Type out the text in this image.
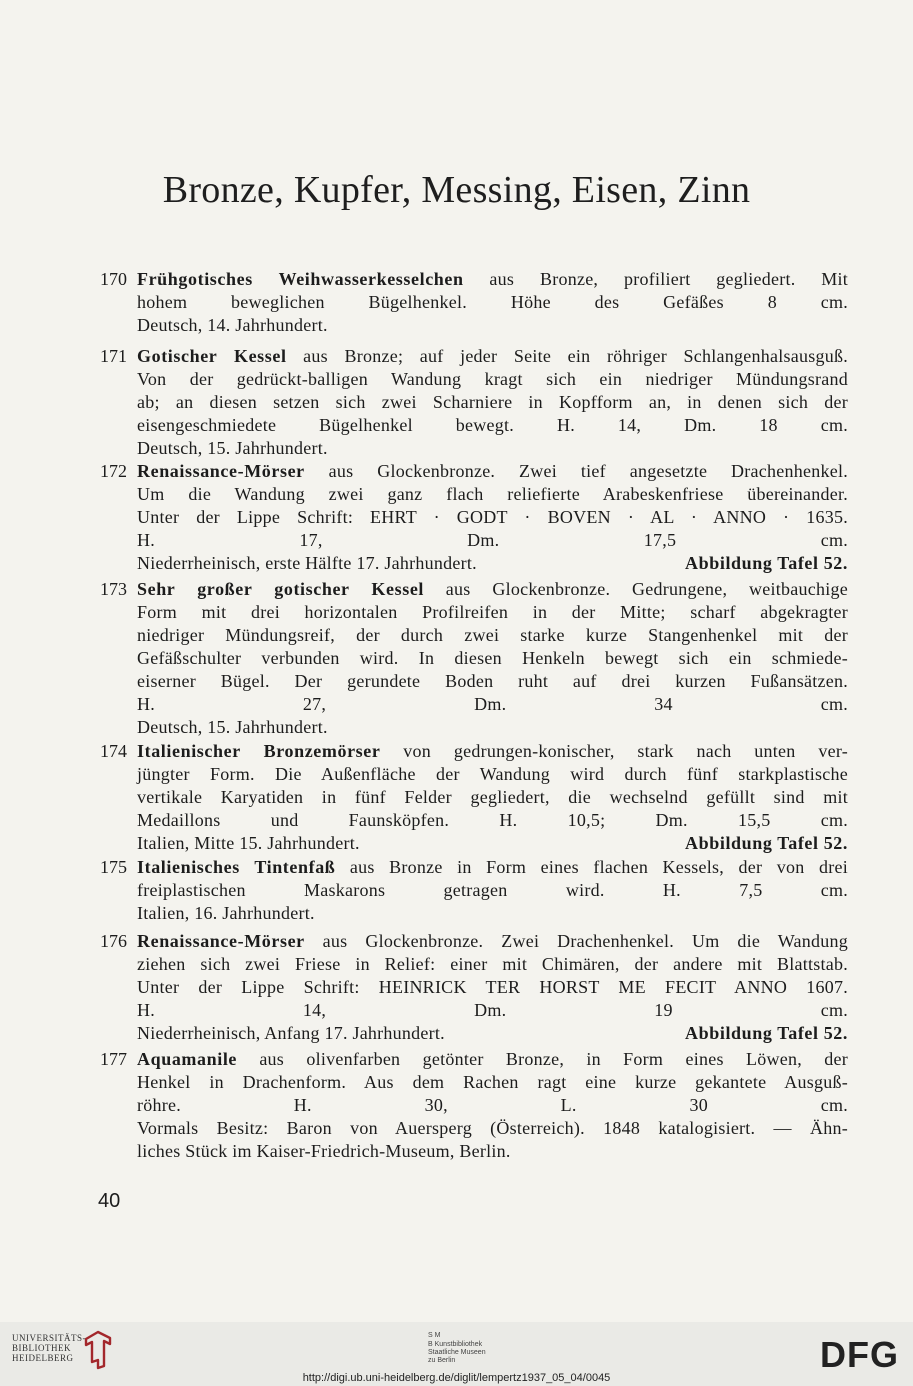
Bronze, Kupfer, Messing, Eisen, Zinn
170 Frühgotisches Weihwasserkesselchen aus Bronze, profiliert gegliedert. Mit
hohem beweglichen Bügelhenkel. Höhe des Gefäßes 8 cm.
Deutsch, 14. Jahrhundert.
171 Gotischer Kessel aus Bronze; auf jeder Seite ein röhriger Schlangenhalsausguß.
Von der gedrückt-balligen Wandung kragt sich ein niedriger Mündungsrand
ab; an diesen setzen sich zwei Scharniere in Kopfform an, in denen sich der
eisengeschmiedete Bügelhenkel bewegt. H. 14, Dm. 18 cm.
Deutsch, 15. Jahrhundert.
172 Renaissance-Mörser aus Glockenbronze. Zwei tief angesetzte Drachenhenkel.
Um die Wandung zwei ganz flach reliefierte Arabeskenfriese übereinander.
Unter der Lippe Schrift: EHRT · GODT · BOVEN · AL · ANNO · 1635.
H. 17, Dm. 17,5 cm.
Niederrheinisch, erste Hälfte 17. Jahrhundert.	Abbildung Tafel 52.
173 Sehr großer gotischer Kessel aus Glockenbronze. Gedrungene, weitbauchige
Form mit drei horizontalen Profilreifen in der Mitte; scharf abgekragter
niedriger Mündungsreif, der durch zwei starke kurze Stangenhenkel mit der
Gefäßschulter verbunden wird. In diesen Henkeln bewegt sich ein schmiede-
eiserner Bügel. Der gerundete Boden ruht auf drei kurzen Fußansätzen.
H. 27, Dm. 34 cm.
Deutsch, 15. Jahrhundert.
174 Italienischer Bronzemörser von gedrungen-konischer, stark nach unten ver-
jüngter Form. Die Außenfläche der Wandung wird durch fünf starkplastische
vertikale Karyatiden in fünf Felder gegliedert, die wechselnd gefüllt sind mit
Medaillons und Faunsköpfen. H. 10,5; Dm. 15,5 cm.
Italien, Mitte 15. Jahrhundert.	Abbildung Tafel 52.
175 Italienisches Tintenfaß aus Bronze in Form eines flachen Kessels, der von drei
freiplastischen Maskarons getragen wird. H. 7,5 cm.
Italien, 16. Jahrhundert.
176 Renaissance-Mörser aus Glockenbronze. Zwei Drachenhenkel. Um die Wandung
ziehen sich zwei Friese in Relief: einer mit Chimären, der andere mit Blattstab.
Unter der Lippe Schrift: HEINRICK TER HORST ME FECIT ANNO 1607.
H. 14, Dm. 19 cm.
Niederrheinisch, Anfang 17. Jahrhundert.	Abbildung Tafel 52.
177 Aquamanile aus olivenfarben getönter Bronze, in Form eines Löwen, der
Henkel in Drachenform. Aus dem Rachen ragt eine kurze gekantete Ausguß-
röhre. H. 30, L. 30 cm.
Vormals Besitz: Baron von Auersperg (Österreich). 1848 katalogisiert. — Ähn-
liches Stück im Kaiser-Friedrich-Museum, Berlin.
40
UNIVERSITÄTS-
BIBLIOTHEK
HEIDELBERG
S M
B Kunstbibliothek
Staatliche Museen
zu Berlin	DFG
http://digi.ub.uni-heidelberg.de/diglit/lempertz1937_05_04/0045
